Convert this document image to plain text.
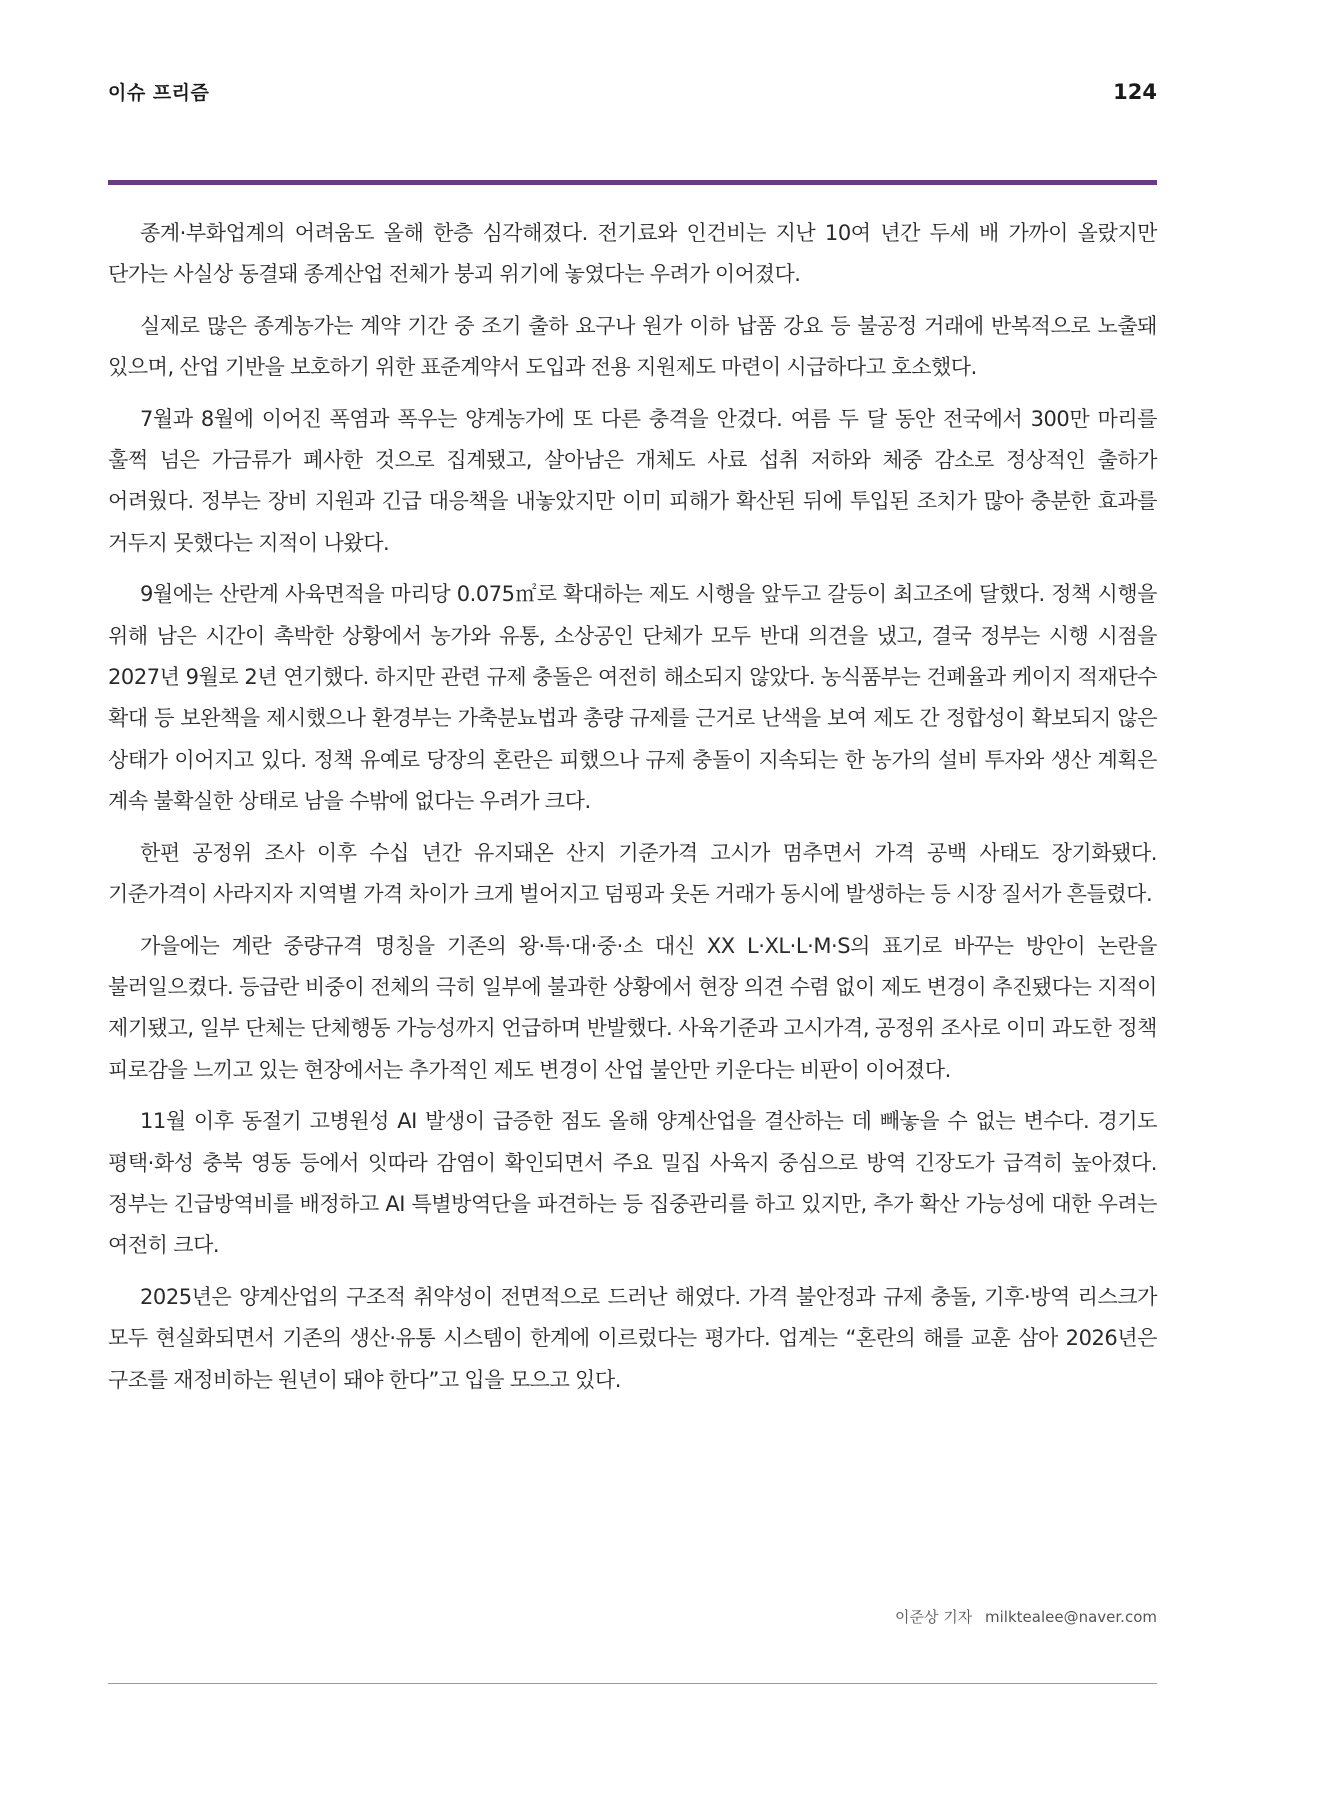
이슈 프리즘	124

종계·부화업계의 어려움도 올해 한층 심각해졌다. 전기료와 인건비는 지난 10여 년간 두세 배 가까이 올랐지만 단가는 사실상 동결돼 종계산업 전체가 붕괴 위기에 놓였다는 우려가 이어졌다.

실제로 많은 종계농가는 계약 기간 중 조기 출하 요구나 원가 이하 납품 강요 등 불공정 거래에 반복적으로 노출돼 있으며, 산업 기반을 보호하기 위한 표준계약서 도입과 전용 지원제도 마련이 시급하다고 호소했다.

7월과 8월에 이어진 폭염과 폭우는 양계농가에 또 다른 충격을 안겼다. 여름 두 달 동안 전국에서 300만 마리를 훌쩍 넘은 가금류가 폐사한 것으로 집계됐고, 살아남은 개체도 사료 섭취 저하와 체중 감소로 정상적인 출하가 어려웠다. 정부는 장비 지원과 긴급 대응책을 내놓았지만 이미 피해가 확산된 뒤에 투입된 조치가 많아 충분한 효과를 거두지 못했다는 지적이 나왔다.

9월에는 산란계 사육면적을 마리당 0.075㎡로 확대하는 제도 시행을 앞두고 갈등이 최고조에 달했다. 정책 시행을 위해 남은 시간이 촉박한 상황에서 농가와 유통, 소상공인 단체가 모두 반대 의견을 냈고, 결국 정부는 시행 시점을 2027년 9월로 2년 연기했다. 하지만 관련 규제 충돌은 여전히 해소되지 않았다. 농식품부는 건폐율과 케이지 적재단수 확대 등 보완책을 제시했으나 환경부는 가축분뇨법과 총량 규제를 근거로 난색을 보여 제도 간 정합성이 확보되지 않은 상태가 이어지고 있다. 정책 유예로 당장의 혼란은 피했으나 규제 충돌이 지속되는 한 농가의 설비 투자와 생산 계획은 계속 불확실한 상태로 남을 수밖에 없다는 우려가 크다.

한편 공정위 조사 이후 수십 년간 유지돼온 산지 기준가격 고시가 멈추면서 가격 공백 사태도 장기화됐다. 기준가격이 사라지자 지역별 가격 차이가 크게 벌어지고 덤핑과 웃돈 거래가 동시에 발생하는 등 시장 질서가 흔들렸다.

가을에는 계란 중량규격 명칭을 기존의 왕·특·대·중·소 대신 XX L·XL·L·M·S의 표기로 바꾸는 방안이 논란을 불러일으켰다. 등급란 비중이 전체의 극히 일부에 불과한 상황에서 현장 의견 수렴 없이 제도 변경이 추진됐다는 지적이 제기됐고, 일부 단체는 단체행동 가능성까지 언급하며 반발했다. 사육기준과 고시가격, 공정위 조사로 이미 과도한 정책 피로감을 느끼고 있는 현장에서는 추가적인 제도 변경이 산업 불안만 키운다는 비판이 이어졌다.

11월 이후 동절기 고병원성 AI 발생이 급증한 점도 올해 양계산업을 결산하는 데 빼놓을 수 없는 변수다. 경기도 평택·화성 충북 영동 등에서 잇따라 감염이 확인되면서 주요 밀집 사육지 중심으로 방역 긴장도가 급격히 높아졌다. 정부는 긴급방역비를 배정하고 AI 특별방역단을 파견하는 등 집중관리를 하고 있지만, 추가 확산 가능성에 대한 우려는 여전히 크다.

2025년은 양계산업의 구조적 취약성이 전면적으로 드러난 해였다. 가격 불안정과 규제 충돌, 기후·방역 리스크가 모두 현실화되면서 기존의 생산·유통 시스템이 한계에 이르렀다는 평가다. 업계는 “혼란의 해를 교훈 삼아 2026년은 구조를 재정비하는 원년이 돼야 한다”고 입을 모으고 있다.

이준상 기자 milktealee@naver.com
